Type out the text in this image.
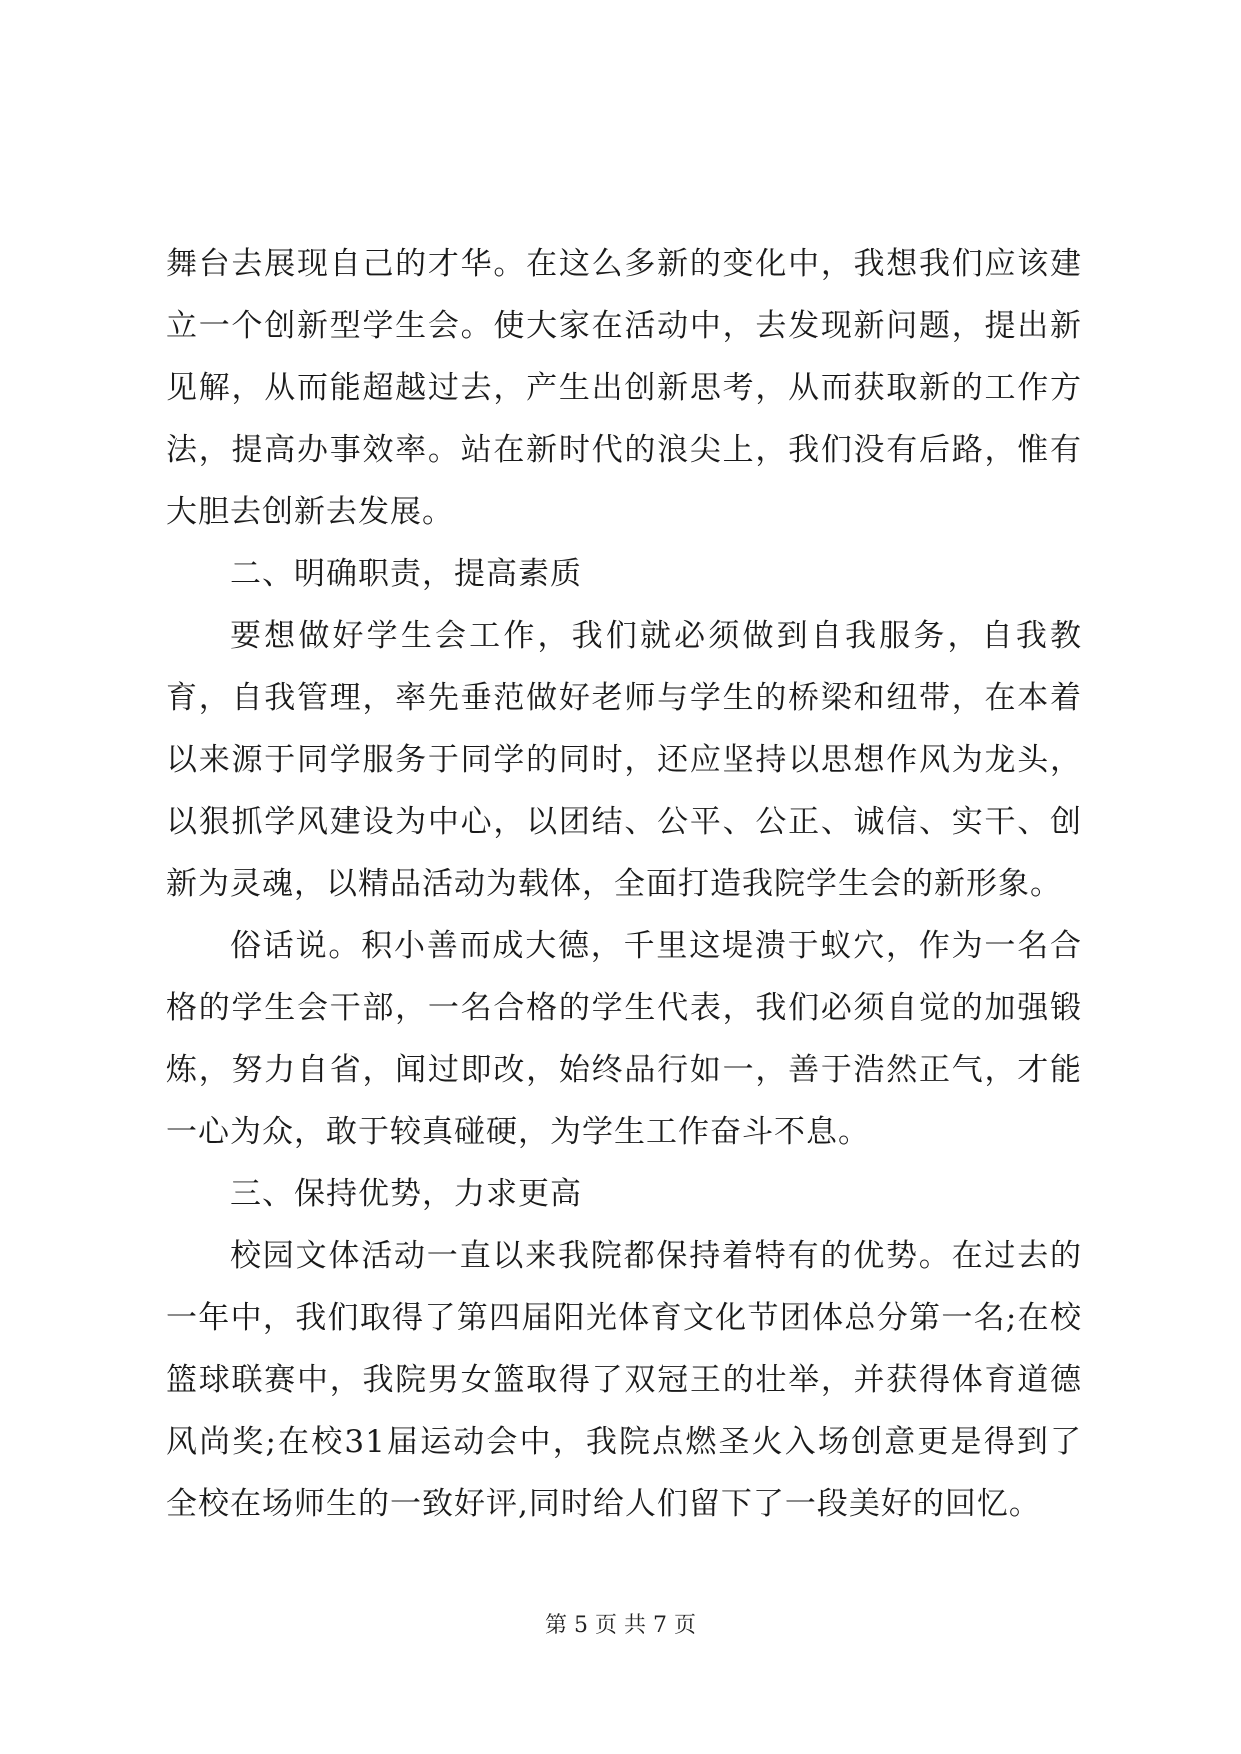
舞台去展现自己的才华。在这么多新的变化中，我想我们应该建立一个创新型学生会。使大家在活动中，去发现新问题，提出新见解，从而能超越过去，产生出创新思考，从而获取新的工作方法，提高办事效率。站在新时代的浪尖上，我们没有后路，惟有大胆去创新去发展。

二、明确职责，提高素质

要想做好学生会工作，我们就必须做到自我服务，自我教育，自我管理，率先垂范做好老师与学生的桥梁和纽带，在本着以来源于同学服务于同学的同时，还应坚持以思想作风为龙头，以狠抓学风建设为中心，以团结、公平、公正、诚信、实干、创新为灵魂，以精品活动为载体，全面打造我院学生会的新形象。

俗话说。积小善而成大德，千里这堤溃于蚁穴，作为一名合格的学生会干部，一名合格的学生代表，我们必须自觉的加强锻炼，努力自省，闻过即改，始终品行如一，善于浩然正气，才能一心为众，敢于较真碰硬，为学生工作奋斗不息。

三、保持优势，力求更高

校园文体活动一直以来我院都保持着特有的优势。在过去的一年中，我们取得了第四届阳光体育文化节团体总分第一名;在校篮球联赛中，我院男女篮取得了双冠王的壮举，并获得体育道德风尚奖;在校31届运动会中，我院点燃圣火入场创意更是得到了全校在场师生的一致好评,同时给人们留下了一段美好的回忆。

第 5 页 共 7 页
